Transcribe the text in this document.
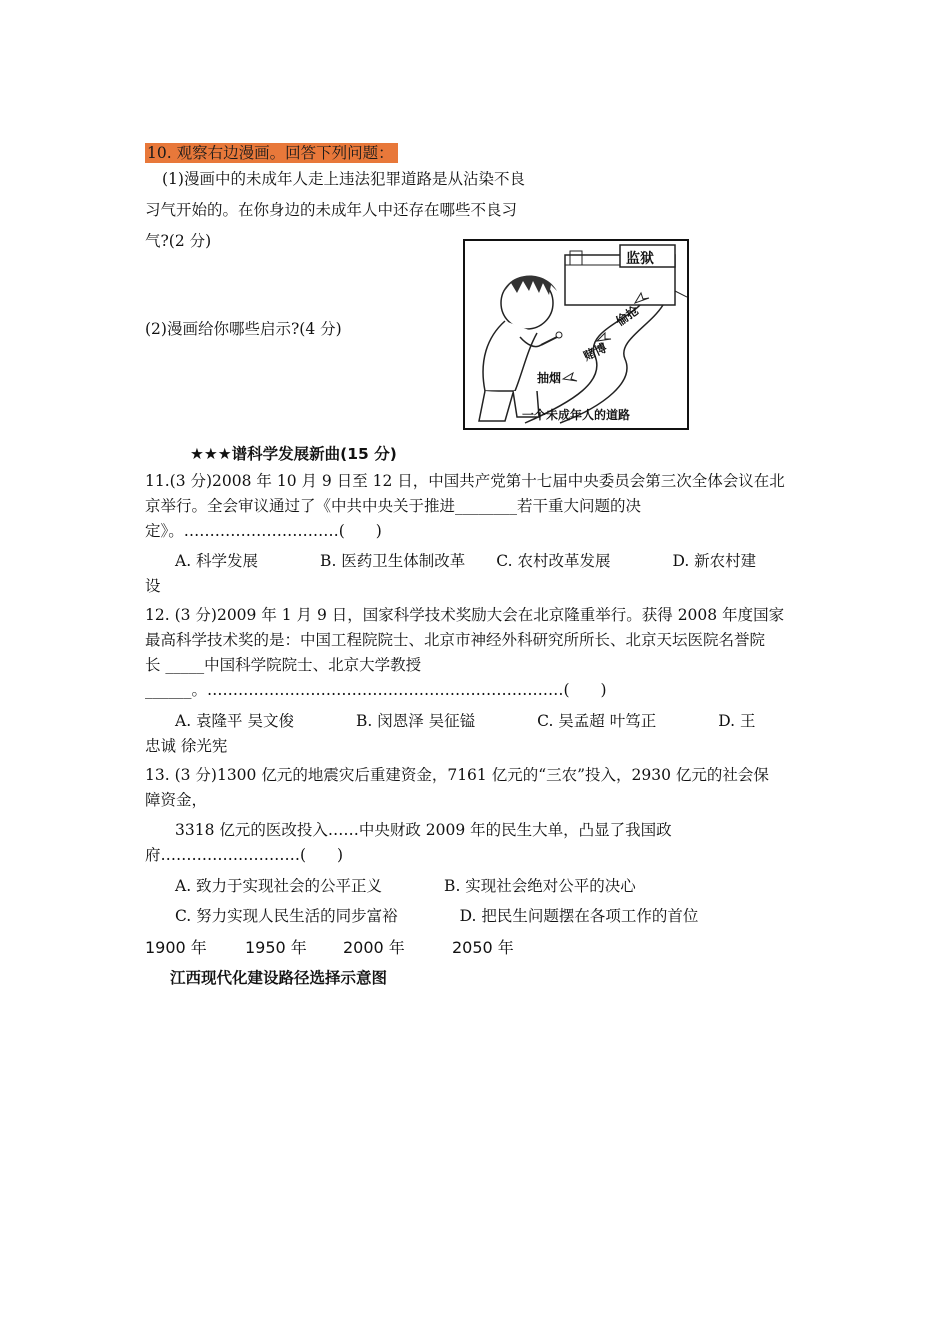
10. 观察右边漫画。回答下列问题：
(1)漫画中的未成年人走上违法犯罪道路是从沾染不良
习气开始的。在你身边的未成年人中还存在哪些不良习
气?(2 分)
(2)漫画给你哪些启示?(4 分)
监狱
抽烟
赌博
偷抢
一个未成年人的道路
★★★谱科学发展新曲(15 分)
11.(3 分)2008 年 10 月 9 日至 12 日，中国共产党第十七届中央委员会第三次全体会议在北
京举行。全会审议通过了《中共中央关于推进________若干重大问题的决
定》。…………………………(　　)
A. 科学发展　　　　B. 医药卫生体制改革　　C. 农村改革发展　　　　D. 新农村建
设
12. (3 分)2009 年 1 月 9 日，国家科学技术奖励大会在北京隆重举行。获得 2008 年度国家
最高科学技术奖的是：中国工程院院士、北京市神经外科研究所所长、北京天坛医院名誉院
长 _____中国科学院院士、北京大学教授
______。……………………………………………………………(　　)
A. 袁隆平 吴文俊　　　　B. 闵恩泽 吴征镒　　　　C. 吴孟超 叶笃正　　　　D. 王
忠诚 徐光宪
13. (3 分)1300 亿元的地震灾后重建资金，7161 亿元的“三农”投入，2930 亿元的社会保
障资金，
3318 亿元的医改投入……中央财政 2009 年的民生大单，凸显了我国政
府………………………(　　)
A. 致力于实现社会的公平正义　　　　B. 实现社会绝对公平的决心
C. 努力实现人民生活的同步富裕　　　　D. 把民生问题摆在各项工作的首位
1900 年 1950 年 2000 年	2050 年
江西现代化建设路径选择示意图
